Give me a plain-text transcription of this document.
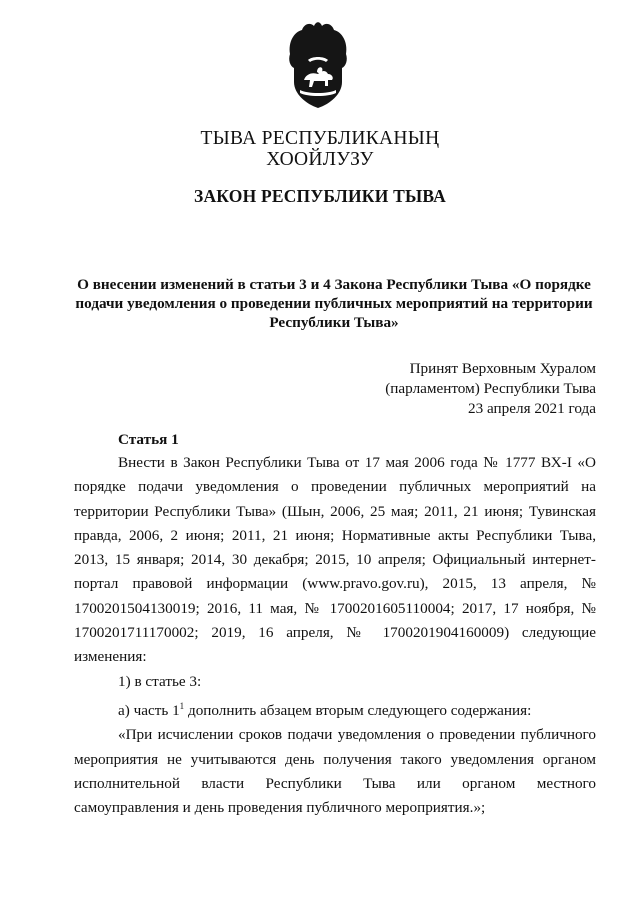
ТЫВА РЕСПУБЛИКАНЫҢ
ХООЙЛУЗУ
ЗАКОН РЕСПУБЛИКИ ТЫВА
О внесении изменений в статьи 3 и 4 Закона Республики Тыва «О порядке
подачи уведомления о проведении публичных мероприятий на территории
Республики Тыва»
Принят Верховным Хуралом
(парламентом) Республики Тыва
23 апреля 2021 года
Статья 1

Внести в Закон Республики Тыва от 17 мая 2006 года № 1777 ВХ-I «О порядке подачи уведомления о проведении публичных мероприятий на территории Республики Тыва» (Шын, 2006, 25 мая; 2011, 21 июня; Тувинская правда, 2006, 2 июня; 2011, 21 июня; Нормативные акты Республики Тыва, 2013, 15 января; 2014, 30 декабря; 2015, 10 апреля; Официальный интернет-портал правовой информации (www.pravo.gov.ru), 2015, 13 апреля, № 1700201504130019; 2016, 11 мая, № 1700201605110004; 2017, 17 ноября, № 1700201711170002; 2019, 16 апреля, № 1700201904160009) следующие изменения:

1) в статье 3:

а) часть $1^1$ дополнить абзацем вторым следующего содержания:

«При исчислении сроков подачи уведомления о проведении публичного мероприятия не учитываются день получения такого уведомления органом исполнительной власти Республики Тыва или органом местного самоуправления и день проведения публичного мероприятия.»;
